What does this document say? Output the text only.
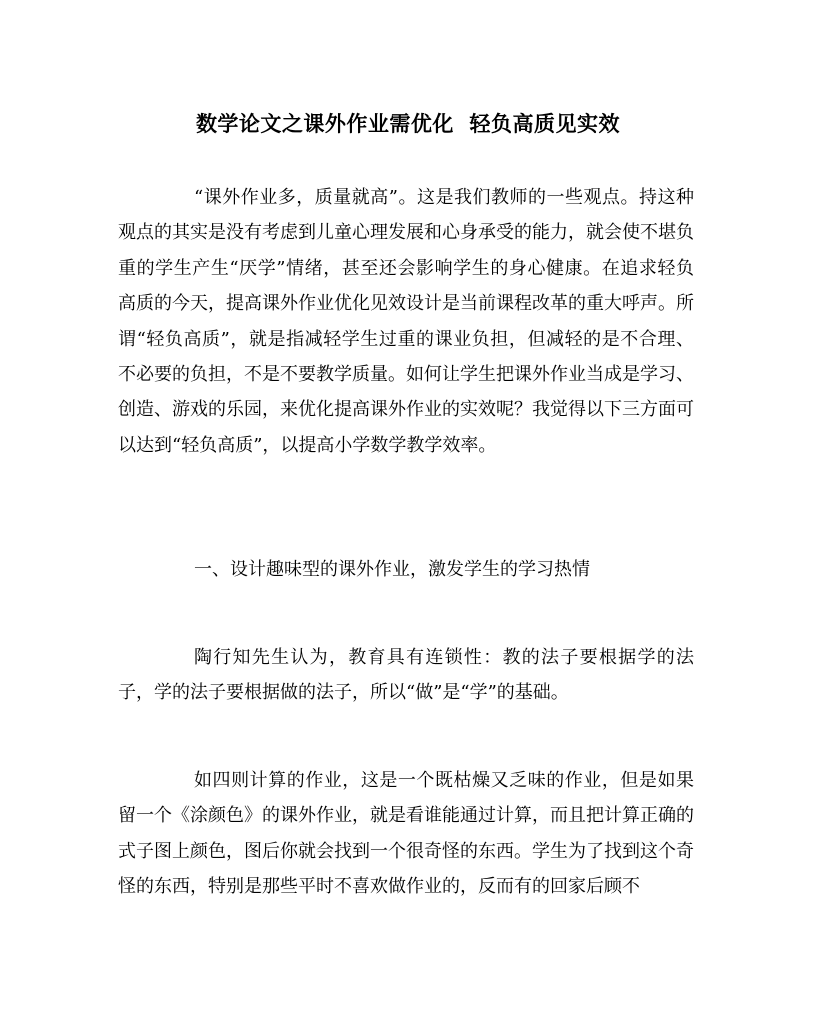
数学论文之课外作业需优化  轻负高质见实效

“课外作业多，质量就高”。这是我们教师的一些观点。持这种观点的其实是没有考虑到儿童心理发展和心身承受的能力，就会使不堪负重的学生产生“厌学”情绪，甚至还会影响学生的身心健康。在追求轻负高质的今天，提高课外作业优化见效设计是当前课程改革的重大呼声。所谓“轻负高质”，就是指减轻学生过重的课业负担，但减轻的是不合理、不必要的负担，不是不要教学质量。如何让学生把课外作业当成是学习、创造、游戏的乐园，来优化提高课外作业的实效呢？我觉得以下三方面可以达到“轻负高质”，以提高小学数学教学效率。

一、设计趣味型的课外作业，激发学生的学习热情

陶行知先生认为，教育具有连锁性：教的法子要根据学的法子，学的法子要根据做的法子，所以“做”是“学”的基础。

如四则计算的作业，这是一个既枯燥又乏味的作业，但是如果留一个《涂颜色》的课外作业，就是看谁能通过计算，而且把计算正确的式子图上颜色，图后你就会找到一个很奇怪的东西。学生为了找到这个奇怪的东西，特别是那些平时不喜欢做作业的，反而有的回家后顾不
